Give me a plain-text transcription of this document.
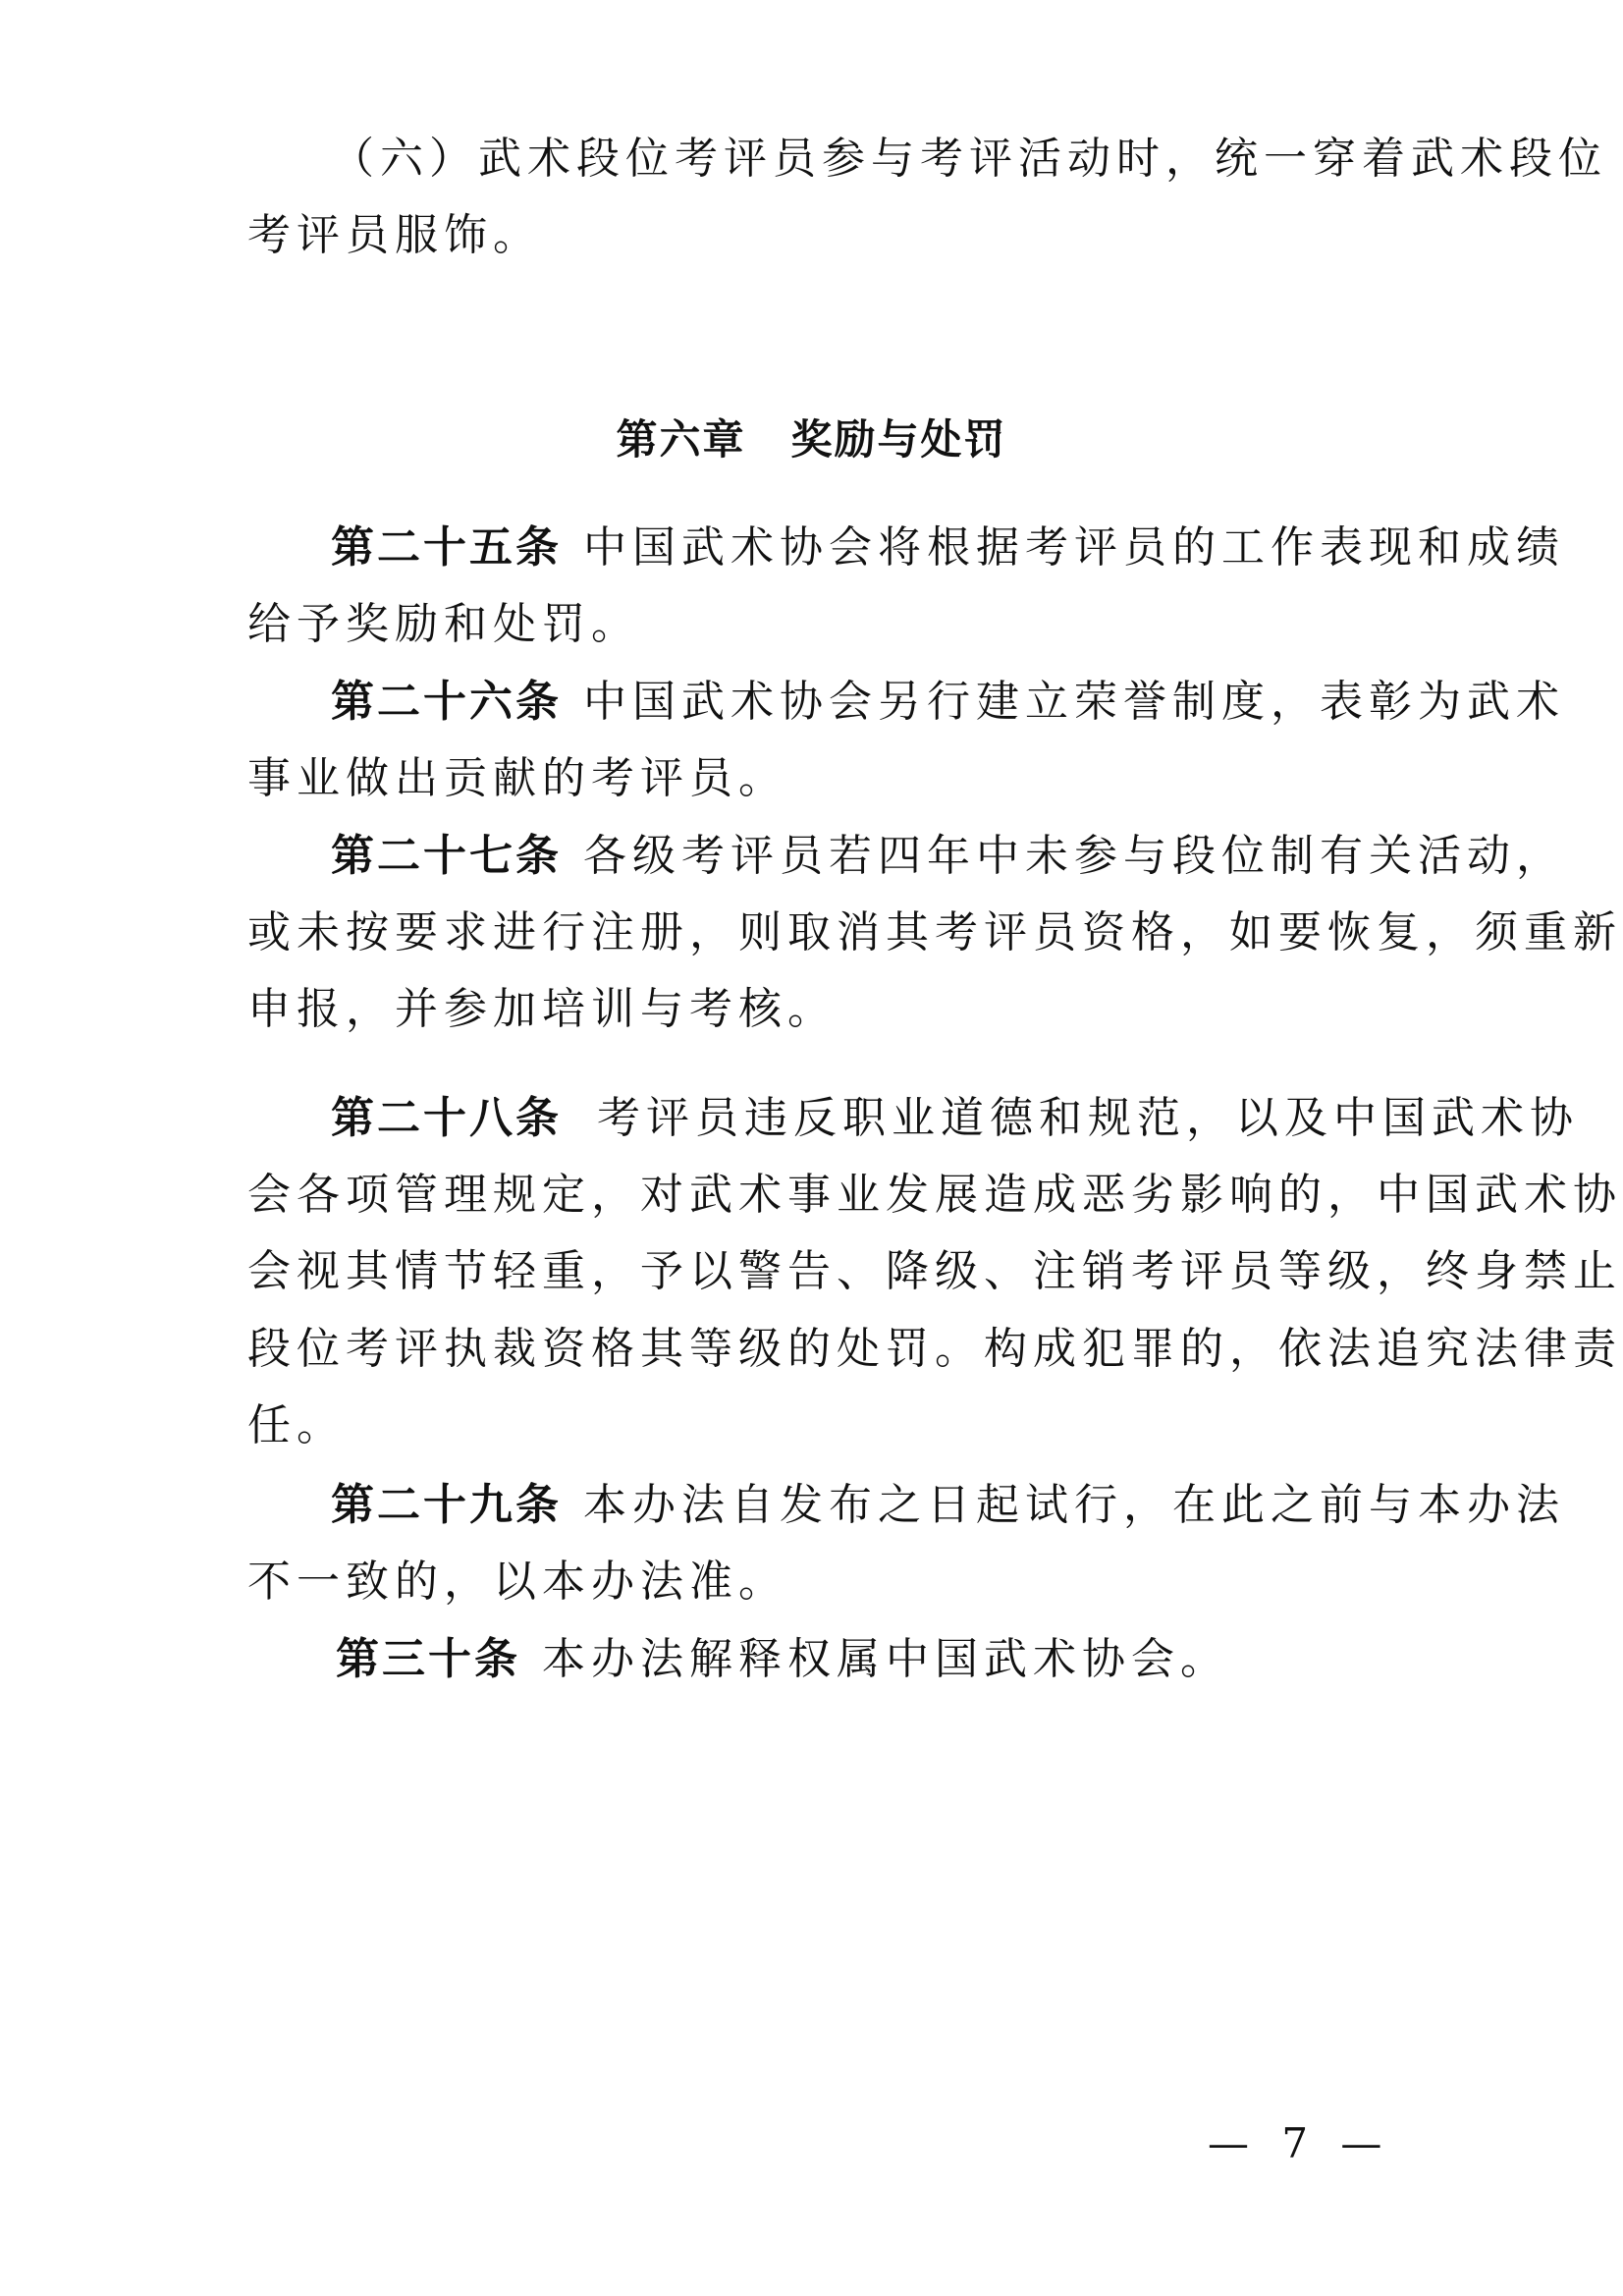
（六）武术段位考评员参与考评活动时，统一穿着武术段位
考评员服饰。
第六章 奖励与处罚
第二十五条 中国武术协会将根据考评员的工作表现和成绩
给予奖励和处罚。
第二十六条 中国武术协会另行建立荣誉制度，表彰为武术
事业做出贡献的考评员。
第二十七条 各级考评员若四年中未参与段位制有关活动，
或未按要求进行注册，则取消其考评员资格，如要恢复，须重新
申报，并参加培训与考核。
第二十八条 考评员违反职业道德和规范，以及中国武术协
会各项管理规定，对武术事业发展造成恶劣影响的，中国武术协
会视其情节轻重，予以警告、降级、注销考评员等级，终身禁止
段位考评执裁资格其等级的处罚。构成犯罪的，依法追究法律责
任。
第二十九条 本办法自发布之日起试行，在此之前与本办法
不一致的，以本办法准。
第三十条 本办法解释权属中国武术协会。
— 7 —
